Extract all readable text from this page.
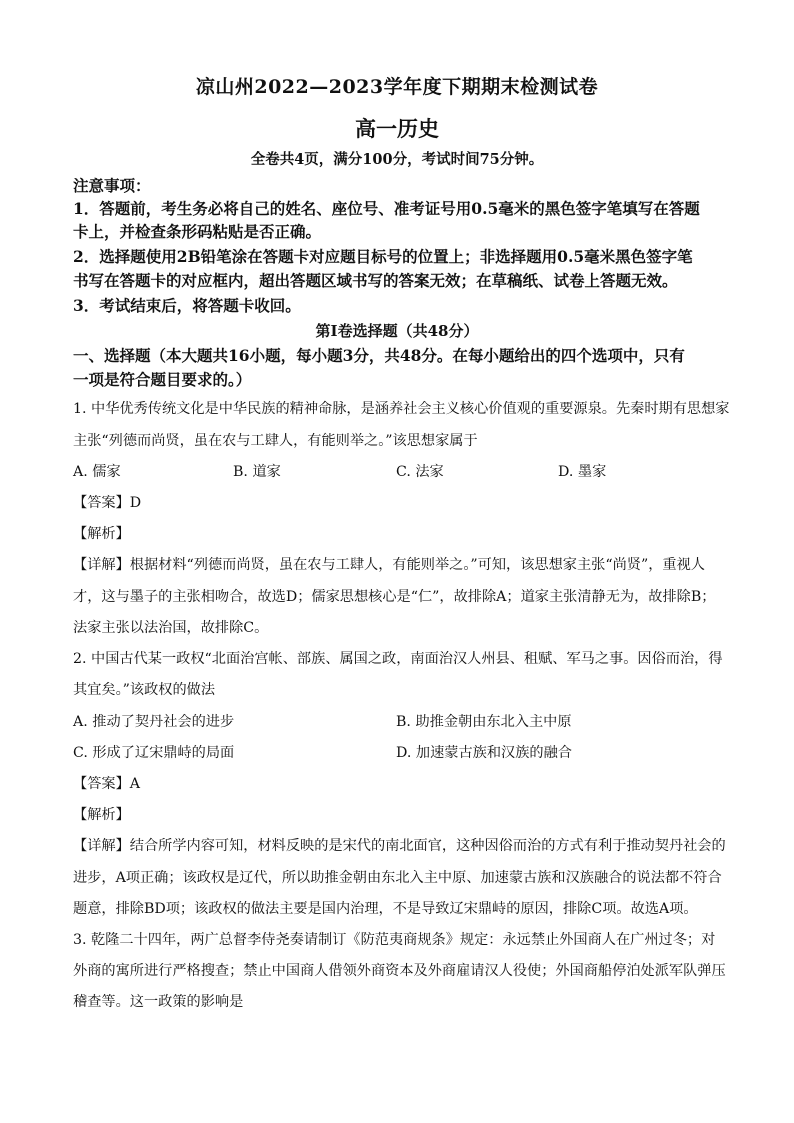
凉山州2022—2023学年度下期期末检测试卷
高一历史
全卷共4页，满分100分，考试时间75分钟。
注意事项：
1．答题前，考生务必将自己的姓名、座位号、准考证号用0.5毫米的黑色签字笔填写在答题
卡上，并检查条形码粘贴是否正确。
2．选择题使用2B铅笔涂在答题卡对应题目标号的位置上；非选择题用0.5毫米黑色签字笔
书写在答题卡的对应框内，超出答题区域书写的答案无效；在草稿纸、试卷上答题无效。
3．考试结束后，将答题卡收回。
第Ⅰ卷选择题（共48分）
一、选择题（本大题共16小题，每小题3分，共48分。在每小题给出的四个选项中，只有
一项是符合题目要求的。）
1. 中华优秀传统文化是中华民族的精神命脉，是涵养社会主义核心价值观的重要源泉。先秦时期有思想家
主张“列德而尚贤，虽在农与工肆人，有能则举之。”该思想家属于
A. 儒家	B. 道家	C. 法家	D. 墨家
【答案】D
【解析】
【详解】根据材料“列德而尚贤，虽在农与工肆人，有能则举之。”可知，该思想家主张“尚贤”，重视人
才，这与墨子的主张相吻合，故选D；儒家思想核心是“仁”，故排除A；道家主张清静无为，故排除B；
法家主张以法治国，故排除C。
2. 中国古代某一政权“北面治宫帐、部族、属国之政，南面治汉人州县、租赋、军马之事。因俗而治，得
其宜矣。”该政权的做法
A. 推动了契丹社会的进步	B. 助推金朝由东北入主中原
C. 形成了辽宋鼎峙的局面	D. 加速蒙古族和汉族的融合
【答案】A
【解析】
【详解】结合所学内容可知，材料反映的是宋代的南北面官，这种因俗而治的方式有利于推动契丹社会的
进步，A项正确；该政权是辽代，所以助推金朝由东北入主中原、加速蒙古族和汉族融合的说法都不符合
题意，排除BD项；该政权的做法主要是国内治理，不是导致辽宋鼎峙的原因，排除C项。故选A项。
3. 乾隆二十四年，两广总督李侍尧奏请制订《防范夷商规条》规定：永远禁止外国商人在广州过冬；对
外商的寓所进行严格搜查；禁止中国商人借领外商资本及外商雇请汉人役使；外国商船停泊处派军队弹压
稽查等。这一政策的影响是
